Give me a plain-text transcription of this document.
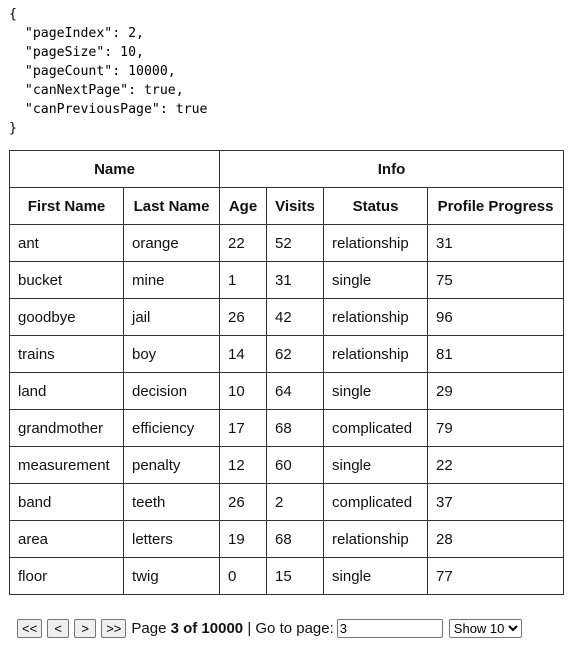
{
"pageIndex": 2,
"pageSize": 10,
"pageCount": 10000,
"canNextPage": true,
"canPreviousPage": true
}
Name		Info			
First Name	Last Name	Age	Visits	Status	Profile Progress
ant	orange	22	52	relationship	31
bucket	mine	1	31	single	75
goodbye	jail	26	42	relationship	96
trains	boy	14	62	relationship	81
land	decision	10	64	single	29
grandmother	efficiency	17	68	complicated	79
measurement	penalty	12	60	single	22
band	teeth	26	2	complicated	37
area	letters	19	68	relationship	28
floor	twig	0	15	single	77
<<	<	>	>> Page 3 of 10000 | Go to page:
3
Show 10
